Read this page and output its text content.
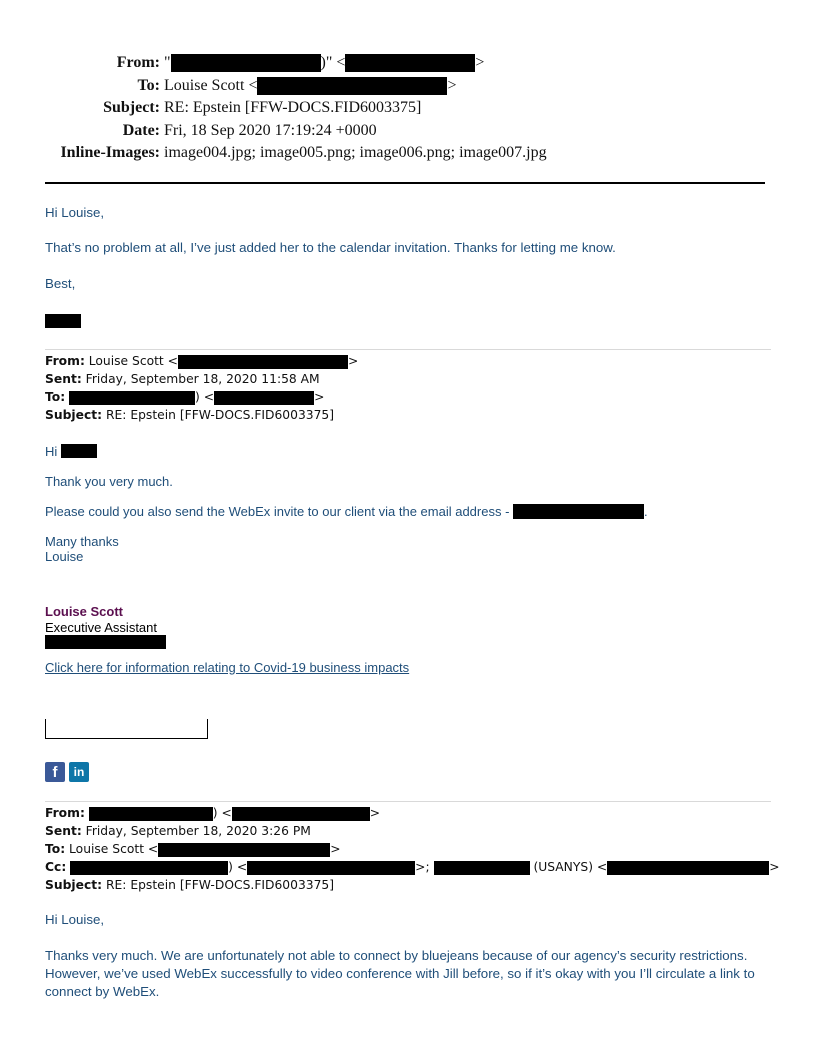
From: "	)" <	>
To: Louise Scott <	>
Subject: RE: Epstein [FFW-DOCS.FID6003375]
Date: Fri, 18 Sep 2020 17:19:24 +0000
Inline-Images: image004.jpg; image005.png; image006.png; image007.jpg
Hi Louise,
That’s no problem at all, I’ve just added her to the calendar invitation. Thanks for letting me know.
Best,
From: Louise Scott <	>
Sent: Friday, September 18, 2020 11:58 AM
To:	) <	>
Subject: RE: Epstein [FFW-DOCS.FID6003375]
Hi
Thank you very much.
Please could you also send the WebEx invite to our client via the email address -	.
Many thanks
Louise
Louise Scott
Executive Assistant
Click here for information relating to Covid-19 business impacts
f	in
From:	) <	>
Sent: Friday, September 18, 2020 3:26 PM
To: Louise Scott <	>
Cc:	) <	>;	(USANYS) <	>
Subject: RE: Epstein [FFW-DOCS.FID6003375]
Hi Louise,
Thanks very much. We are unfortunately not able to connect by bluejeans because of our agency’s security restrictions.
However, we’ve used WebEx successfully to video conference with Jill before, so if it’s okay with you I’ll circulate a link to
connect by WebEx.
